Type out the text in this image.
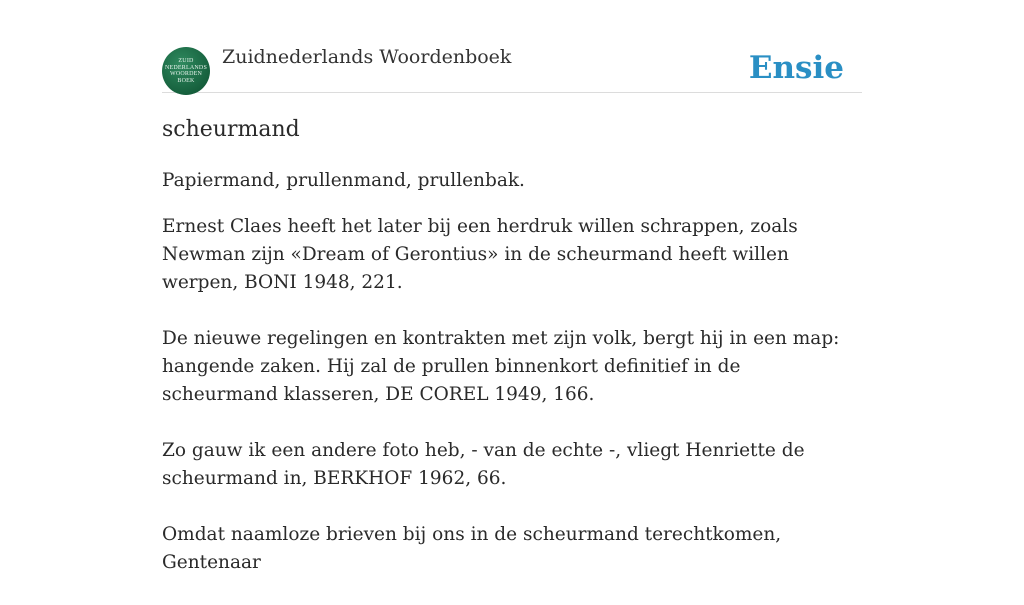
ZUID
NEDERLANDS
WOORDEN
BOEK
Zuidnederlands Woordenboek	Ensie
scheurmand

Papiermand, prullenmand, prullenbak.

Ernest Claes heeft het later bij een herdruk willen schrappen, zoals Newman zijn «Dream of Gerontius» in de scheurmand heeft willen werpen, BONI 1948, 221.

De nieuwe regelingen en kontrakten met zijn volk, bergt hij in een map: hangende zaken. Hij zal de prullen binnenkort definitief in de scheurmand klasseren, DE COREL 1949, 166.

Zo gauw ik een andere foto heb, - van de echte -, vliegt Henriette de scheurmand in, BERKHOF 1962, 66.

Omdat naamloze brieven bij ons in de scheurmand terechtkomen, Gentenaar
